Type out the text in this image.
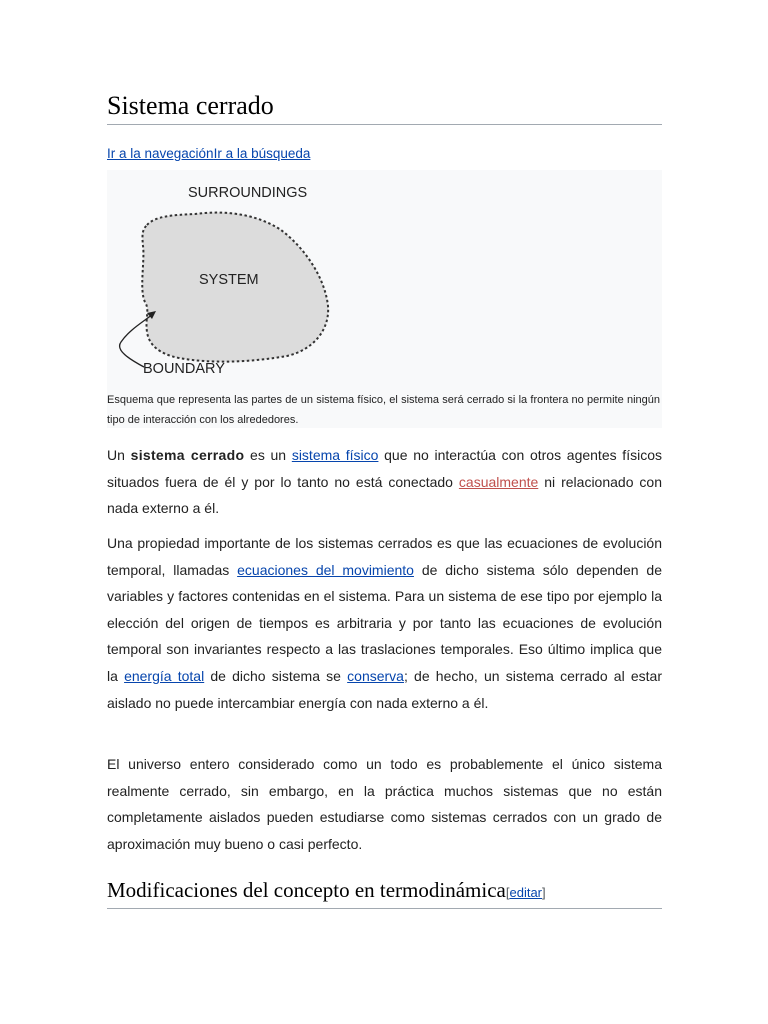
Sistema cerrado
Ir a la navegaciónIr a la búsqueda
SURROUNDINGS
SYSTEM
BOUNDARY
Esquema que representa las partes de un sistema físico, el sistema será cerrado si la frontera no permite ningún tipo de interacción con los alrededores.

Un sistema cerrado es un sistema físico que no interactúa con otros agentes físicos situados fuera de él y por lo tanto no está conectado casualmente ni relacionado con nada externo a él.

Una propiedad importante de los sistemas cerrados es que las ecuaciones de evolución temporal, llamadas ecuaciones del movimiento de dicho sistema sólo dependen de variables y factores contenidas en el sistema. Para un sistema de ese tipo por ejemplo la elección del origen de tiempos es arbitraria y por tanto las ecuaciones de evolución temporal son invariantes respecto a las traslaciones temporales. Eso último implica que la energía total de dicho sistema se conserva; de hecho, un sistema cerrado al estar aislado no puede intercambiar energía con nada externo a él.

El universo entero considerado como un todo es probablemente el único sistema realmente cerrado, sin embargo, en la práctica muchos sistemas que no están completamente aislados pueden estudiarse como sistemas cerrados con un grado de aproximación muy bueno o casi perfecto.

Modificaciones del concepto en termodinámica[editar]
